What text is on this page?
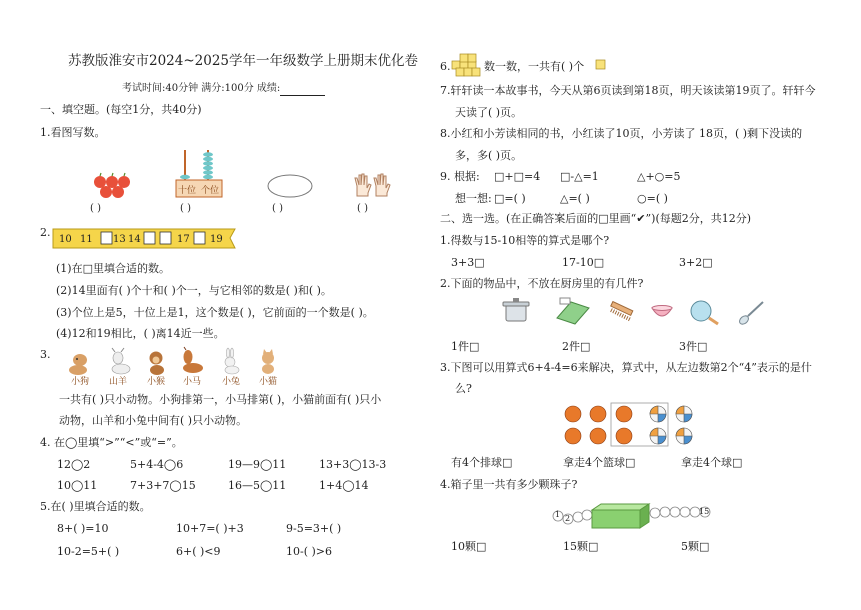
苏教版淮安市2024~2025学年一年级数学上册期末优化卷
考试时间:40分钟 满分:100分 成绩:
一、填空题。(每空1分，共40分)
1.看图写数。
十位 个位
( )	( )	( )	( )
2.
10 11 13 14	17 19
(1)在□里填合适的数。
(2)14里面有( )个十和( )个一，与它相邻的数是( )和( )。
(3)个位上是5，十位上是1，这个数是( )，它前面的一个数是( )。
(4)12和19相比，( )离14近一些。
3.
小狗 山羊 小猴 小马 小兔 小猫
一共有( )只小动物。小狗排第一，小马排第( )，小猫前面有( )只小
动物，山羊和小兔中间有( )只小动物。
4. 在◯里填“>”“<”或“=”。
12◯2	5+4-4◯6	19—9◯11	13+3◯13-3
10◯11	7+3+7◯15	16—5◯11	1+4◯14
5.在( )里填合适的数。
8+( )=10	10+7=( )+3	9-5=3+( )
10-2=5+( )	6+( )<9	10-( )>6
6.	数一数，一共有( )个
7.轩轩读一本故事书，今天从第6页读到第18页，明天该读第19页了。轩轩今
天读了( )页。
8.小红和小芳读相同的书，小红读了10页，小芳读了 18页，( )剩下没读的
多，多( )页。
9. 根据: □+□=4 □-△=1	△+○=5
想一想: □=( )	△=( )	○=( )
二、选一选。(在正确答案后面的□里画“✔”)(每题2分，共12分)
1.得数与15-10相等的算式是哪个?
3+3□	17-10□	3+2□
2.下面的物品中，不放在厨房里的有几件?
1件□	2件□	3件□
3.下图可以用算式6+4-4=6来解决，算式中，从左边数第2个“4”表示的是什
么?
有4个排球□	拿走4个篮球□	拿走4个球□
4.箱子里一共有多少颗珠子?
1 2
15
10颗□	15颗□	5颗□
